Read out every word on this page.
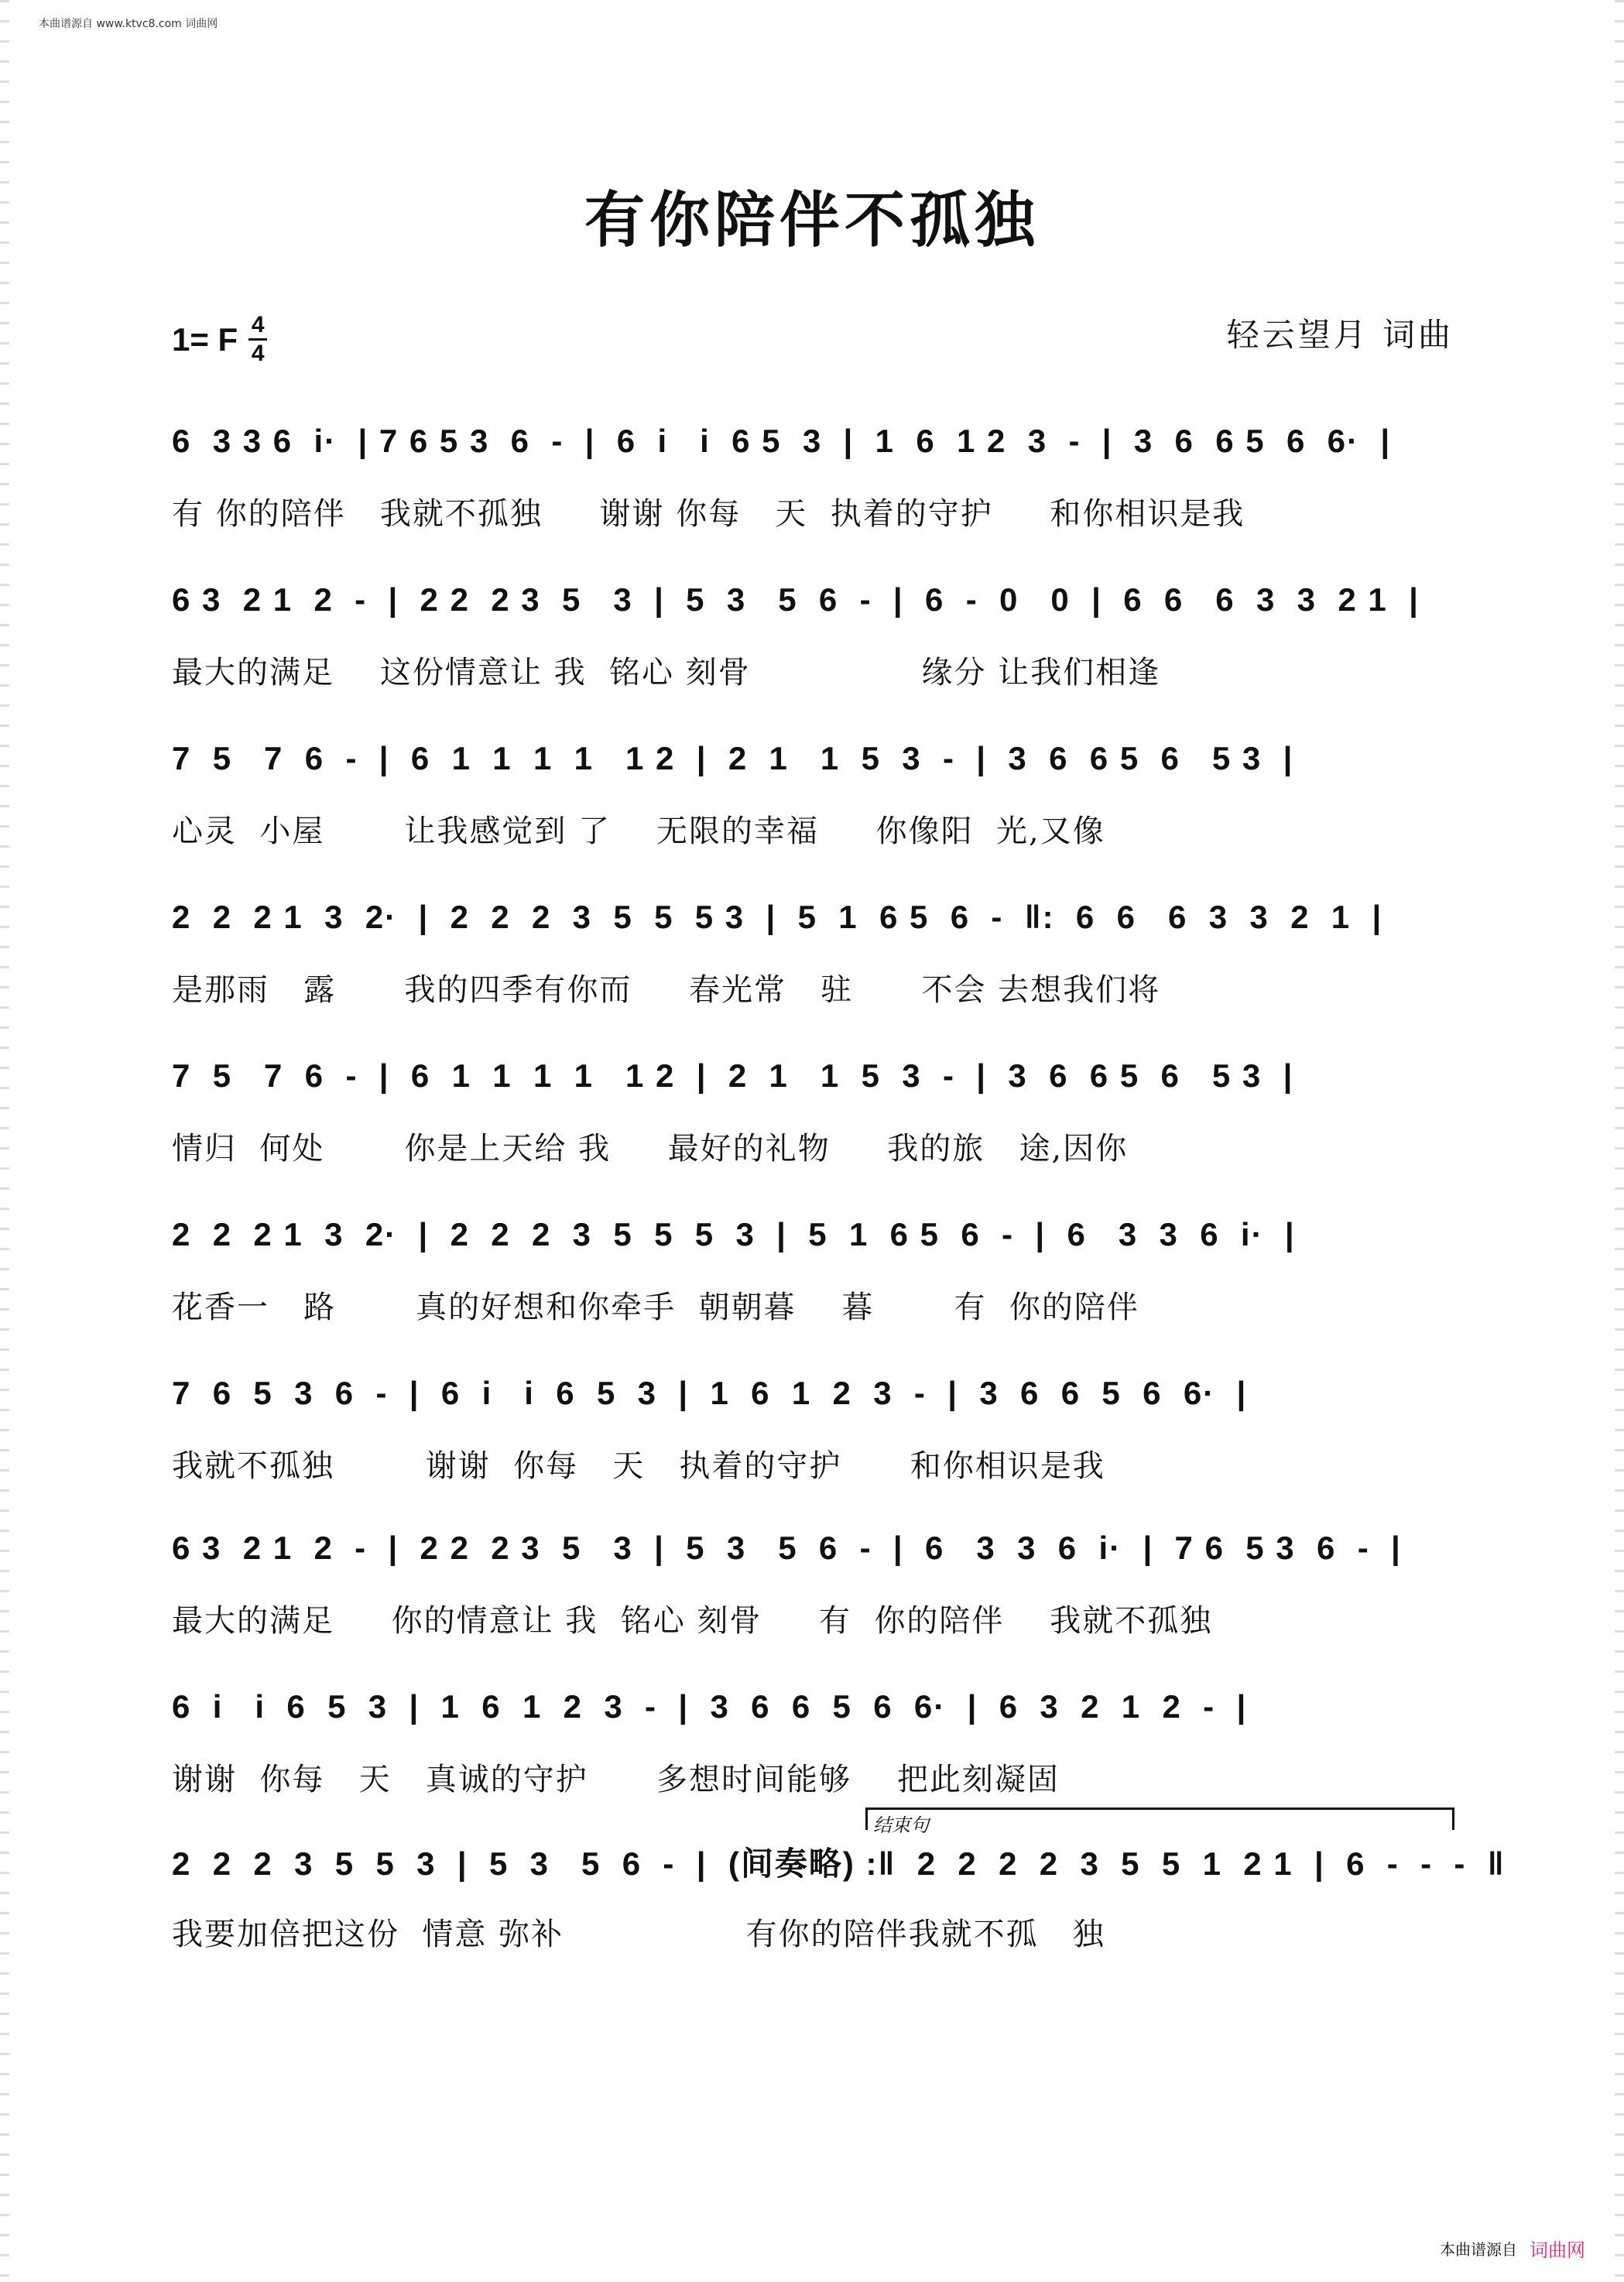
本曲谱源自 www.ktvc8.com 词曲网
有你陪伴不孤独
1= F 4
4	轻云望月 词曲
6  3 3 6  i·  | 7 6 5 3  6  -  |  6  i   i  6 5  3  |  1  6  1 2  3  -  |  3  6  6 5  6  6·  |
有 你的陪伴   我就不孤独     谢谢 你每   天  执着的守护     和你相识是我
6 3  2 1  2  -  |  2 2  2 3  5   3  |  5  3   5  6  -  |  6  -  0   0  |  6  6   6  3  3  2 1  |
最大的满足    这份情意让 我  铭心 刻骨               缘分 让我们相逢
7  5   7  6  -  |  6  1  1  1  1   1 2  |  2  1   1  5  3  -  |  3  6  6 5  6   5 3  |
心灵  小屋       让我感觉到 了    无限的幸福     你像阳  光,又像
2  2  2 1  3  2·  |  2  2  2  3  5  5  5 3  |  5  1  6 5  6  -  ‖:  6  6   6  3  3  2  1  |
是那雨   露      我的四季有你而     春光常   驻      不会 去想我们将
7  5   7  6  -  |  6  1  1  1  1   1 2  |  2  1   1  5  3  -  |  3  6  6 5  6   5 3  |
情归  何处       你是上天给 我     最好的礼物     我的旅   途,因你
2  2  2 1  3  2·  |  2  2  2  3  5  5  5  3  |  5  1  6 5  6  -  |  6   3  3  6  i·  |
花香一   路       真的好想和你牵手  朝朝暮    暮       有  你的陪伴
7  6  5  3  6  -  |  6  i   i  6  5  3  |  1  6  1  2  3  -  |  3  6  6  5  6  6·  |
我就不孤独        谢谢  你每   天   执着的守护      和你相识是我
6 3  2 1  2  -  |  2 2  2 3  5   3  |  5  3   5  6  -  |  6   3  3  6  i·  |  7 6  5 3  6  -  |
最大的满足     你的情意让 我  铭心 刻骨     有  你的陪伴    我就不孤独
6  i   i  6  5  3  |  1  6  1  2  3  -  |  3  6  6  5  6  6·  |  6  3  2  1  2  -  |
谢谢  你每   天   真诚的守护      多想时间能够    把此刻凝固
结束句
2  2  2  3  5  5  3  |  5  3   5  6  -  |  (间奏略) :‖  2  2  2  2  3  5  5  1  2 1  |  6  -  -  -  ‖
我要加倍把这份  情意 弥补                有你的陪伴我就不孤   独
本曲谱源自 词曲网
